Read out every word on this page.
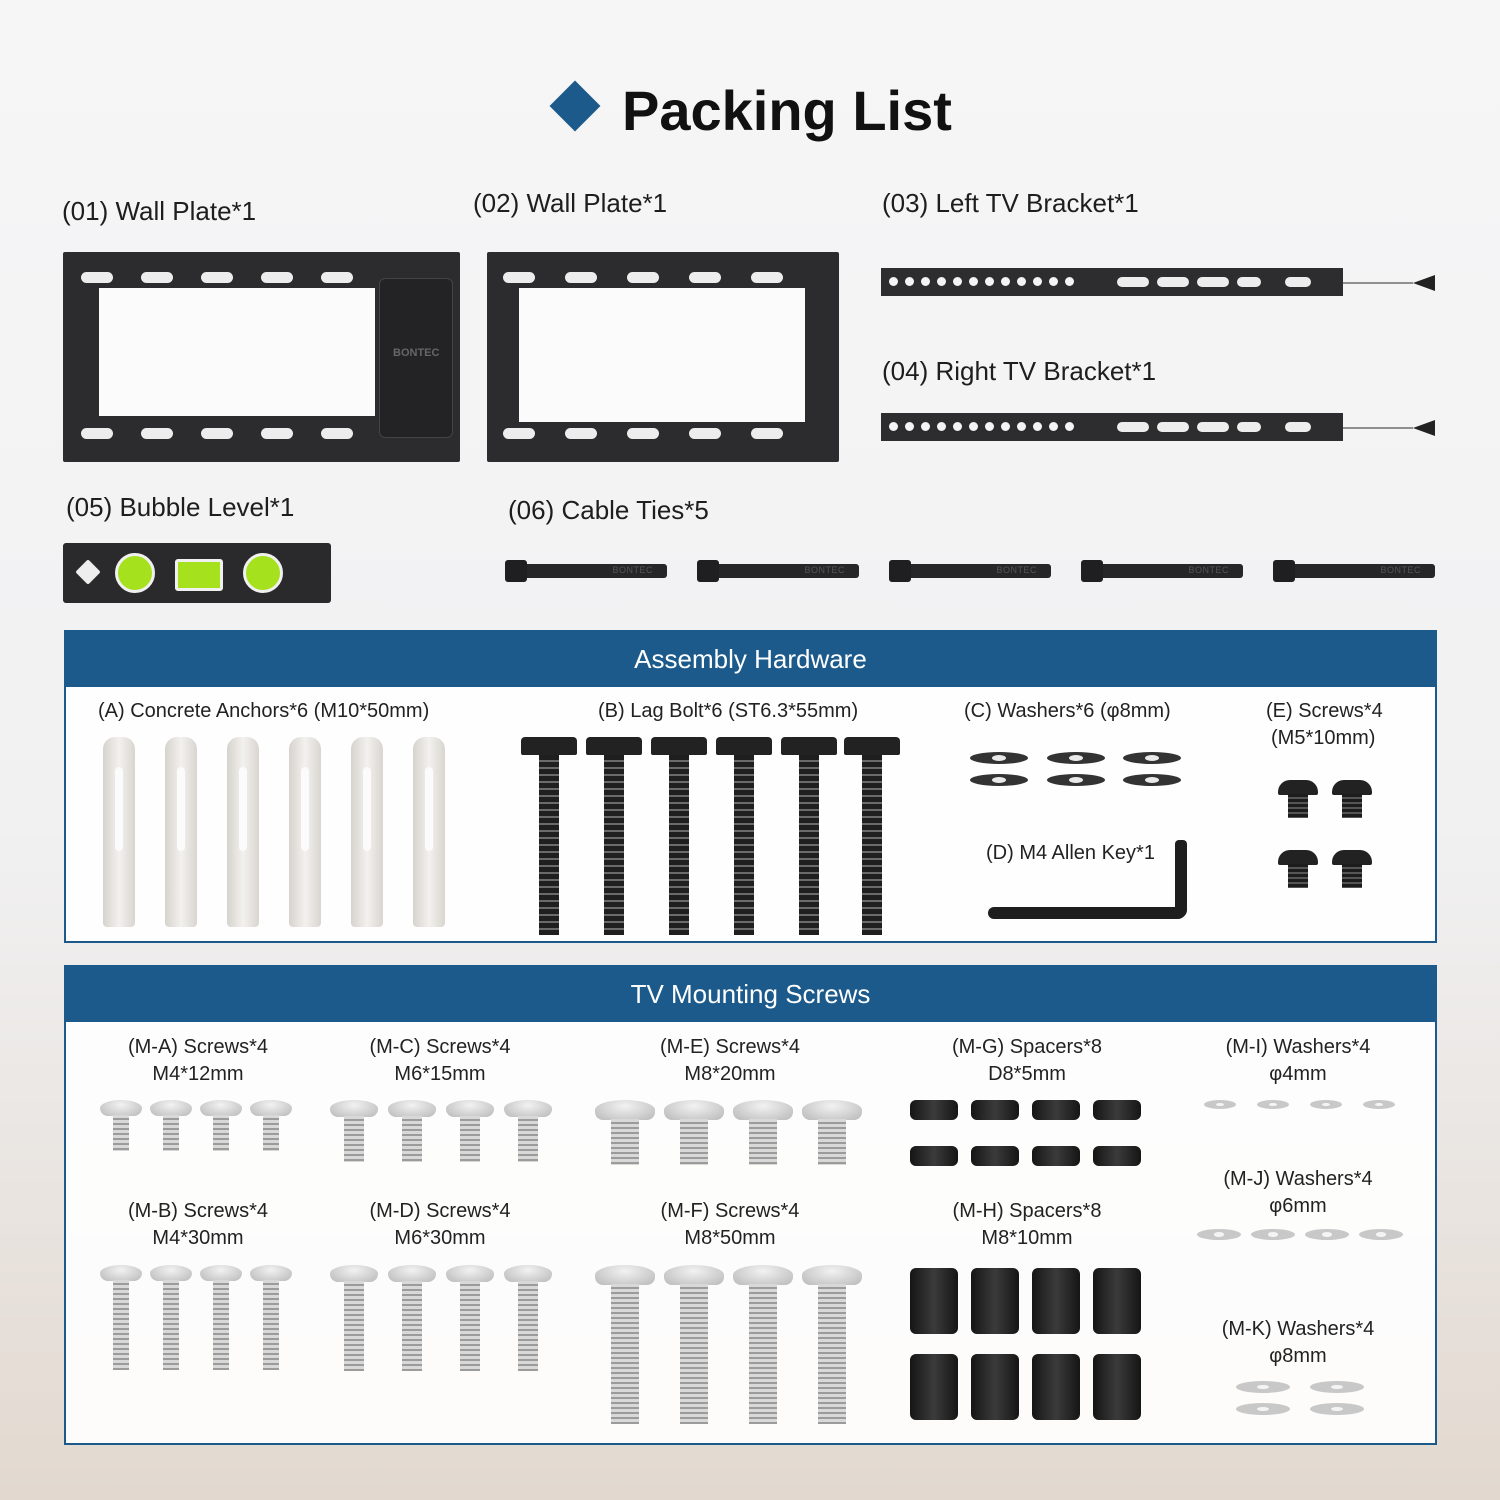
Packing List
(01) Wall Plate*1	(02) Wall Plate*1	(03) Left TV Bracket*1
(04) Right TV Bracket*1
(05) Bubble Level*1	(06) Cable Ties*5
BONTEC
BONTEC	BONTEC	BONTEC	BONTEC	BONTEC
Assembly Hardware
(A) Concrete Anchors*6 (M10*50mm)	(B) Lag Bolt*6 (ST6.3*55mm)	(C) Washers*6 (φ8mm)	(E) Screws*4
(M5*10mm)
(D) M4 Allen Key*1
TV Mounting Screws
(M-A) Screws*4
M4*12mm
(M-C) Screws*4
M6*15mm
(M-E) Screws*4
M8*20mm
(M-G) Spacers*8
D8*5mm
(M-I) Washers*4
φ4mm
(M-B) Screws*4
M4*30mm
(M-D) Screws*4
M6*30mm
(M-F) Screws*4
M8*50mm
(M-H) Spacers*8
M8*10mm
(M-J) Washers*4
φ6mm
(M-K) Washers*4
φ8mm
